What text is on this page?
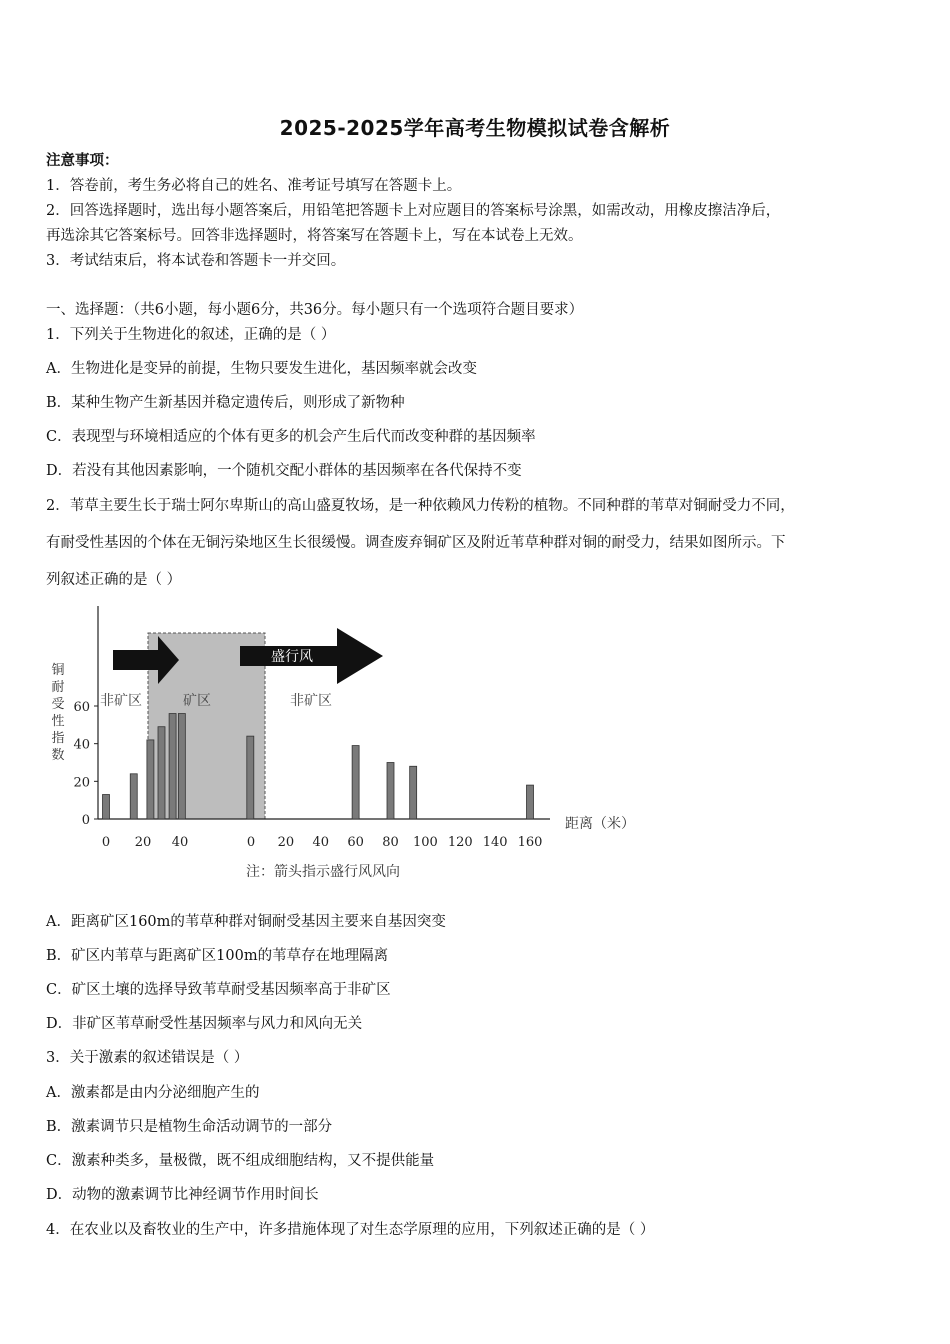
2025-2025学年高考生物模拟试卷含解析
注意事项：
1．答卷前，考生务必将自己的姓名、准考证号填写在答题卡上。
2．回答选择题时，选出每小题答案后，用铅笔把答题卡上对应题目的答案标号涂黑，如需改动，用橡皮擦洁净后，
再选涂其它答案标号。回答非选择题时，将答案写在答题卡上，写在本试卷上无效。
3．考试结束后，将本试卷和答题卡一并交回。
一、选择题：（共6小题，每小题6分，共36分。每小题只有一个选项符合题目要求）
1．下列关于生物进化的叙述，正确的是（ ）
A．生物进化是变异的前提，生物只要发生进化，基因频率就会改变
B．某种生物产生新基因并稳定遗传后，则形成了新物种
C．表现型与环境相适应的个体有更多的机会产生后代而改变种群的基因频率
D．若没有其他因素影响，一个随机交配小群体的基因频率在各代保持不变
2．苇草主要生长于瑞士阿尔卑斯山的高山盛夏牧场，是一种依赖风力传粉的植物。不同种群的苇草对铜耐受力不同，
有耐受性基因的个体在无铜污染地区生长很缓慢。调查废弃铜矿区及附近苇草种群对铜的耐受力，结果如图所示。下
列叙述正确的是（ ）
0
20
40
60
0 20 40	0 20 40 60 80 100 120 140 160
铜
耐
受
性
指
数
距离（米）
非矿区	矿区	非矿区
盛行风
注：箭头指示盛行风风向
A．距离矿区160m的苇草种群对铜耐受基因主要来自基因突变
B．矿区内苇草与距离矿区100m的苇草存在地理隔离
C．矿区土壤的选择导致苇草耐受基因频率高于非矿区
D．非矿区苇草耐受性基因频率与风力和风向无关
3．关于激素的叙述错误是（ ）
A．激素都是由内分泌细胞产生的
B．激素调节只是植物生命活动调节的一部分
C．激素种类多，量极微，既不组成细胞结构，又不提供能量
D．动物的激素调节比神经调节作用时间长
4．在农业以及畜牧业的生产中，许多措施体现了对生态学原理的应用，下列叙述正确的是（ ）
